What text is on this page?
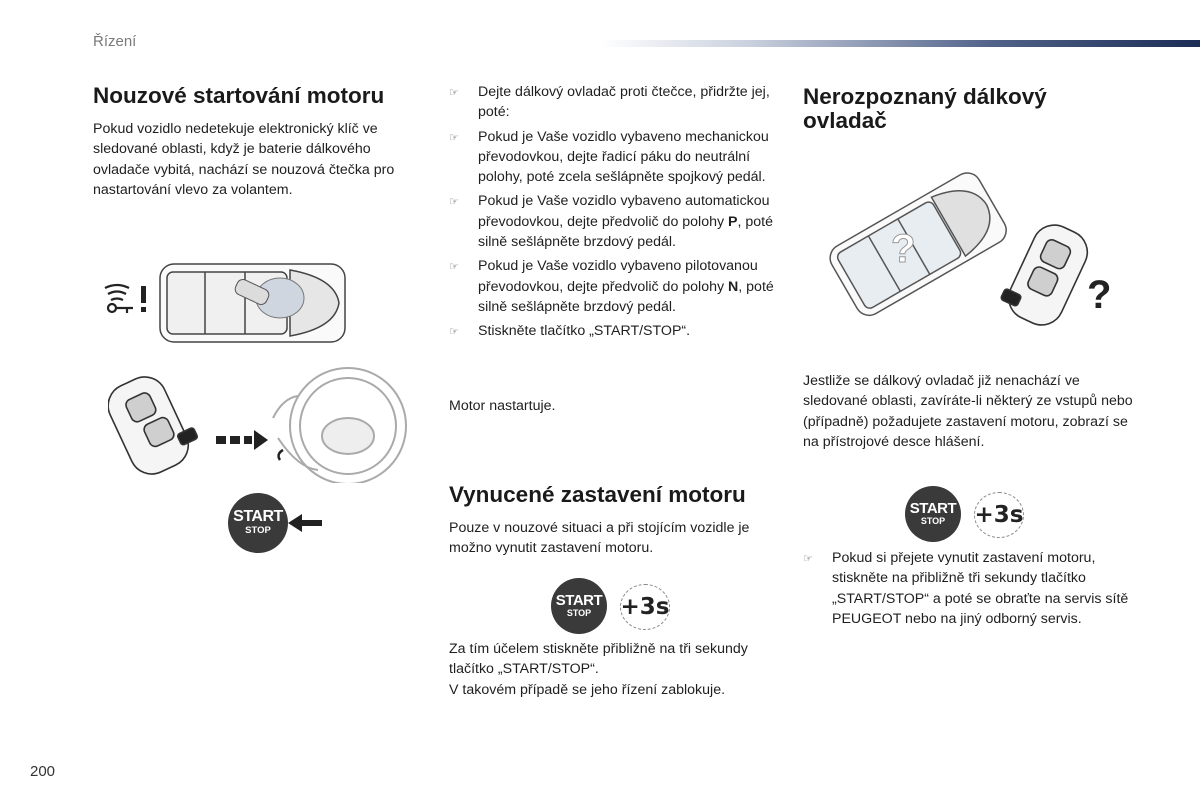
Řízení
Nouzové startování motoru
Pokud vozidlo nedetekuje elektronický klíč ve sledované oblasti, když je baterie dálkového ovladače vybitá, nachází se nouzová čtečka pro nastartování vlevo za volantem.
START
STOP
☞ Dejte dálkový ovladač proti čtečce, přidržte jej, poté:
☞ Pokud je Vaše vozidlo vybaveno mechanickou převodovkou, dejte řadicí páku do neutrální polohy, poté zcela sešlápněte spojkový pedál.
☞ Pokud je Vaše vozidlo vybaveno automatickou převodovkou, dejte předvolič do polohy P, poté silně sešlápněte brzdový pedál.
☞ Pokud je Vaše vozidlo vybaveno pilotovanou převodovkou, dejte předvolič do polohy N, poté silně sešlápněte brzdový pedál.
☞ Stiskněte tlačítko „START/STOP“.
Motor nastartuje.
Vynucené zastavení motoru
Pouze v nouzové situaci a při stojícím vozidle je možno vynutit zastavení motoru.
START
STOP +3s
Za tím účelem stiskněte přibližně na tři sekundy tlačítko „START/STOP“.
V takovém případě se jeho řízení zablokuje.
Nerozpoznaný dálkový
ovladač
?
?
Jestliže se dálkový ovladač již nenachází ve sledované oblasti, zavíráte-li některý ze vstupů nebo (případně) požadujete zastavení motoru, zobrazí se na přístrojové desce hlášení.
START
STOP +3s
☞ Pokud si přejete vynutit zastavení motoru, stiskněte na přibližně tři sekundy tlačítko „START/STOP“ a poté se obraťte na servis sítě PEUGEOT nebo na jiný odborný servis.
200
